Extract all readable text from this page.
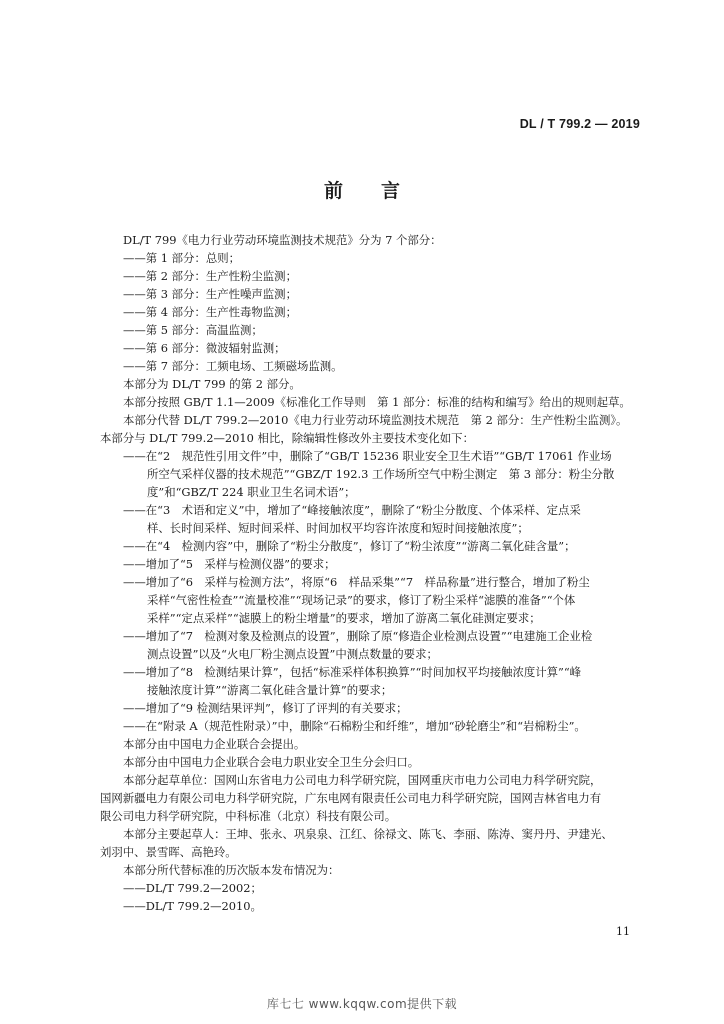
DL / T 799.2 — 2019
前言
DL/T 799《电力行业劳动环境监测技术规范》分为 7 个部分：
——第 1 部分：总则；
——第 2 部分：生产性粉尘监测；
——第 3 部分：生产性噪声监测；
——第 4 部分：生产性毒物监测；
——第 5 部分：高温监测；
——第 6 部分：微波辐射监测；
——第 7 部分：工频电场、工频磁场监测。
本部分为 DL/T 799 的第 2 部分。
本部分按照 GB/T 1.1—2009《标准化工作导则　第 1 部分：标准的结构和编写》给出的规则起草。
本部分代替 DL/T 799.2—2010《电力行业劳动环境监测技术规范　第 2 部分：生产性粉尘监测》。
本部分与 DL/T 799.2—2010 相比，除编辑性修改外主要技术变化如下：
——在“2　规范性引用文件”中，删除了“GB/T 15236 职业安全卫生术语”“GB/T 17061 作业场
所空气采样仪器的技术规范”“GBZ/T 192.3 工作场所空气中粉尘测定　第 3 部分：粉尘分散
度”和“GBZ/T 224 职业卫生名词术语”；
——在“3　术语和定义”中，增加了“峰接触浓度”，删除了“粉尘分散度、个体采样、定点采
样、长时间采样、短时间采样、时间加权平均容许浓度和短时间接触浓度”；
——在“4　检测内容”中，删除了“粉尘分散度”，修订了“粉尘浓度”“游离二氧化硅含量”；
——增加了“5　采样与检测仪器”的要求；
——增加了“6　采样与检测方法”，将原“6　样品采集”“7　样品称量”进行整合，增加了粉尘
采样“气密性检查”“流量校准”“现场记录”的要求，修订了粉尘采样“滤膜的准备”“个体
采样”“定点采样”“滤膜上的粉尘增量”的要求，增加了游离二氧化硅测定要求；
——增加了“7　检测对象及检测点的设置”，删除了原“修造企业检测点设置”“电建施工企业检
测点设置”以及“火电厂粉尘测点设置”中测点数量的要求；
——增加了“8　检测结果计算”，包括“标准采样体积换算”“时间加权平均接触浓度计算”“峰
接触浓度计算”“游离二氧化硅含量计算”的要求；
——增加了“9 检测结果评判”，修订了评判的有关要求；
——在“附录 A（规范性附录）”中，删除“石棉粉尘和纤维”，增加“砂轮磨尘”和“岩棉粉尘”。
本部分由中国电力企业联合会提出。
本部分由中国电力企业联合会电力职业安全卫生分会归口。
本部分起草单位：国网山东省电力公司电力科学研究院，国网重庆市电力公司电力科学研究院，
国网新疆电力有限公司电力科学研究院，广东电网有限责任公司电力科学研究院，国网吉林省电力有
限公司电力科学研究院，中科标准（北京）科技有限公司。
本部分主要起草人：王坤、张永、巩泉泉、江红、徐禄文、陈飞、李丽、陈涛、窦丹丹、尹建光、
刘羽中、景雪晖、高艳玲。
本部分所代替标准的历次版本发布情况为：
——DL/T 799.2—2002；
——DL/T 799.2—2010。
11
库七七 www.kqqw.com提供下载
